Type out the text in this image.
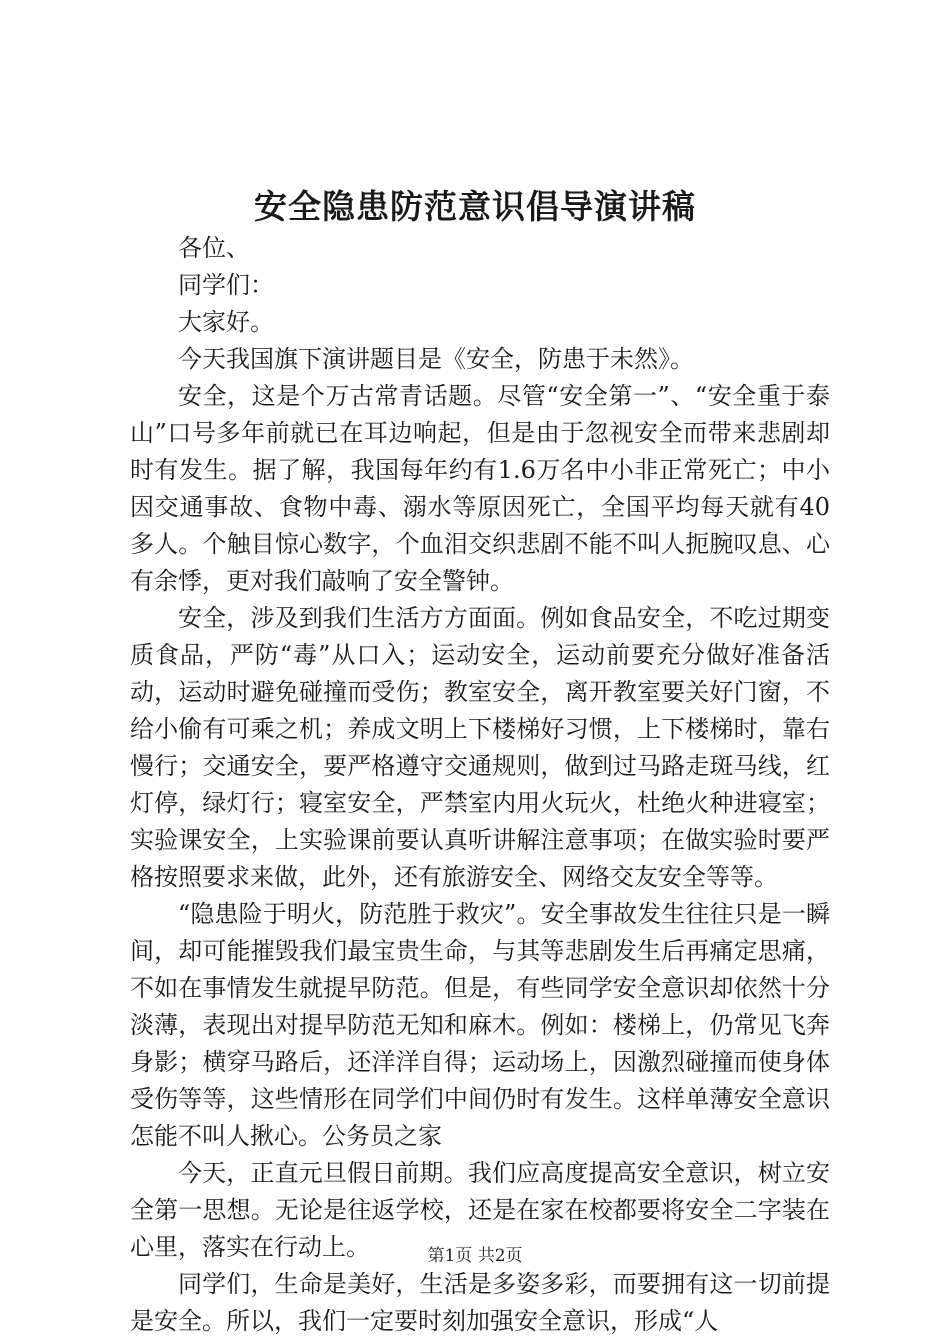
安全隐患防范意识倡导演讲稿

各位、

同学们：

大家好。

今天我国旗下演讲题目是《安全，防患于未然》。

安全，这是个万古常青话题。尽管“安全第一”、“安全重于泰山”口号多年前就已在耳边响起，但是由于忽视安全而带来悲剧却时有发生。据了解，我国每年约有1.6万名中小非正常死亡；中小因交通事故、食物中毒、溺水等原因死亡，全国平均每天就有40多人。个触目惊心数字，个血泪交织悲剧不能不叫人扼腕叹息、心有余悸，更对我们敲响了安全警钟。

安全，涉及到我们生活方方面面。例如食品安全，不吃过期变质食品，严防“毒”从口入；运动安全，运动前要充分做好准备活动，运动时避免碰撞而受伤；教室安全，离开教室要关好门窗，不给小偷有可乘之机；养成文明上下楼梯好习惯，上下楼梯时，靠右慢行；交通安全，要严格遵守交通规则，做到过马路走斑马线，红灯停，绿灯行；寝室安全，严禁室内用火玩火，杜绝火种进寝室；实验课安全，上实验课前要认真听讲解注意事项；在做实验时要严格按照要求来做，此外，还有旅游安全、网络交友安全等等。

“隐患险于明火，防范胜于救灾”。安全事故发生往往只是一瞬间，却可能摧毁我们最宝贵生命，与其等悲剧发生后再痛定思痛，不如在事情发生就提早防范。但是，有些同学安全意识却依然十分淡薄，表现出对提早防范无知和麻木。例如：楼梯上，仍常见飞奔身影；横穿马路后，还洋洋自得；运动场上，因激烈碰撞而使身体受伤等等，这些情形在同学们中间仍时有发生。这样单薄安全意识怎能不叫人揪心。公务员之家

今天，正直元旦假日前期。我们应高度提高安全意识，树立安全第一思想。无论是往返学校，还是在家在校都要将安全二字装在心里，落实在行动上。

同学们，生命是美好，生活是多姿多彩，而要拥有这一切前提是安全。所以，我们一定要时刻加强安全意识，形成“人

第1页 共2页
